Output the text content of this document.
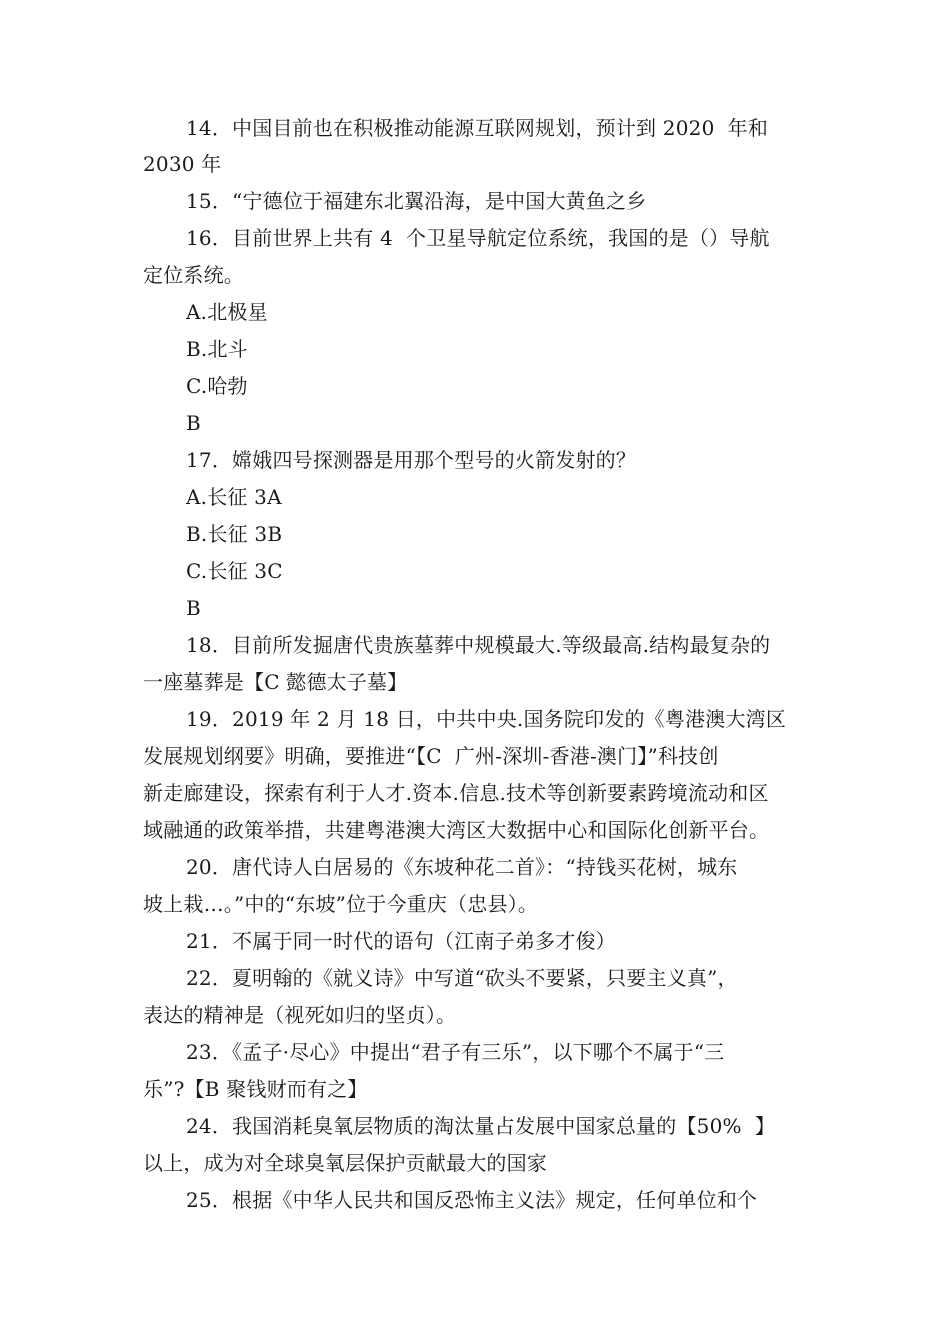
14．中国目前也在积极推动能源互联网规划，预计到 2020  年和
2030 年
15．“宁德位于福建东北翼沿海，是中国大黄鱼之乡
16．目前世界上共有 4  个卫星导航定位系统，我国的是（）导航
定位系统。
A.北极星
B.北斗
C.哈勃
B
17．嫦娥四号探测器是用那个型号的火箭发射的？
A.长征 3A
B.长征 3B
C.长征 3C
B
18．目前所发掘唐代贵族墓葬中规模最大.等级最高.结构最复杂的
一座墓葬是【C 懿德太子墓】
19．2019 年 2 月 18 日，中共中央.国务院印发的《粤港澳大湾区
发展规划纲要》明确，要推进“【C  广州-深圳-香港-澳门】”科技创
新走廊建设，探索有利于人才.资本.信息.技术等创新要素跨境流动和区
域融通的政策举措，共建粤港澳大湾区大数据中心和国际化创新平台。
20．唐代诗人白居易的《东坡种花二首》：“持钱买花树，城东
坡上栽…。”中的“东坡”位于今重庆（忠县）。
21．不属于同一时代的语句（江南子弟多才俊）
22．夏明翰的《就义诗》中写道“砍头不要紧，只要主义真”，
表达的精神是（视死如归的坚贞）。
23．《孟子·尽心》中提出“君子有三乐”，以下哪个不属于“三
乐”?【B 聚钱财而有之】
24．我国消耗臭氧层物质的淘汰量占发展中国家总量的【50%  】
以上，成为对全球臭氧层保护贡献最大的国家
25．根据《中华人民共和国反恐怖主义法》规定，任何单位和个
